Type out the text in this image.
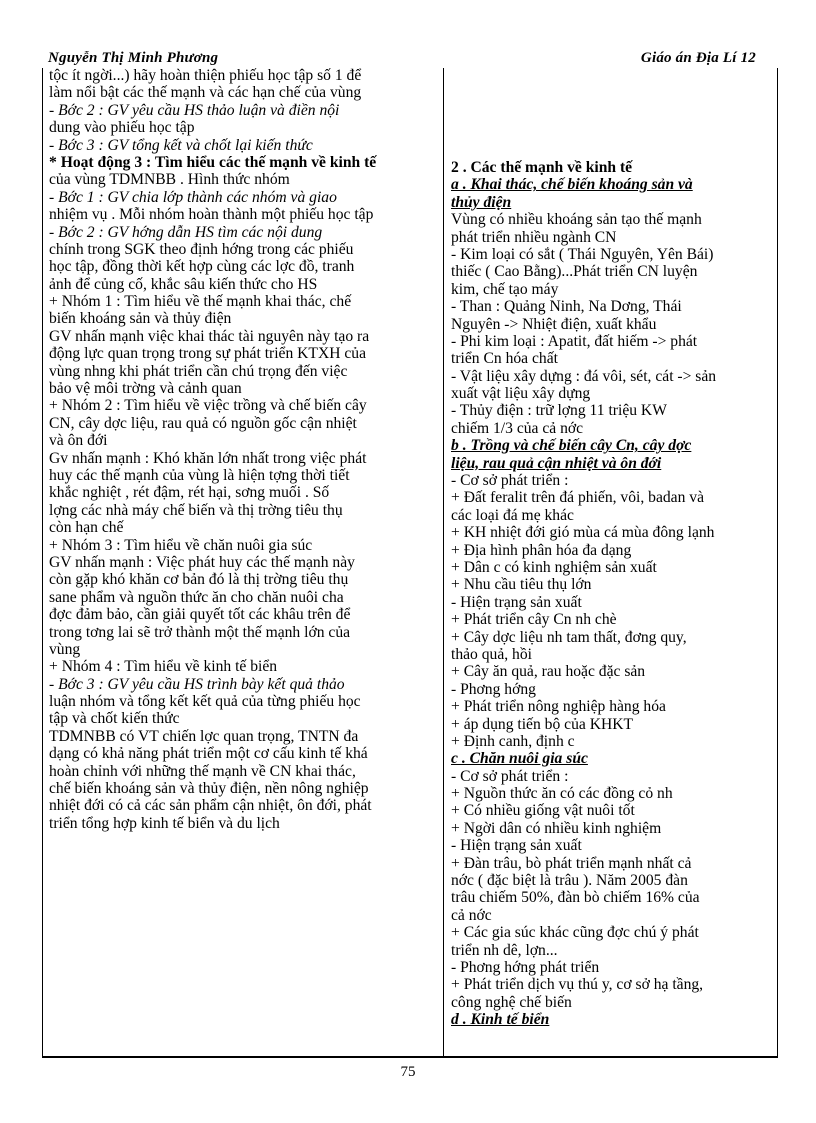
Nguyễn Thị Minh Phương	Giáo án Địa Lí 12
tộc ít ngời...) hãy hoàn thiện phiếu học tập số 1 để
làm nổi bật các thế mạnh và các hạn chế của vùng
- Bớc 2 : GV yêu cầu HS thảo luận và điền nội
dung vào phiếu học tập
- Bớc 3 : GV tổng kết và chốt lại kiến thức
* Hoạt động 3 : Tìm hiểu các thế mạnh về kinh tế
của vùng TDMNBB . Hình thức nhóm
- Bớc 1 : GV chia lớp thành các nhóm và giao
nhiệm vụ . Mỗi nhóm hoàn thành một phiếu học tập
- Bớc 2 : GV hớng dẫn HS tìm các nội dung
chính trong SGK theo định hớng trong các phiếu
học tập, đồng thời kết hợp cùng các lợc đồ, tranh
ảnh để củng cố, khắc sâu kiến thức cho HS
+ Nhóm 1 : Tìm hiểu về thế mạnh khai thác, chế
biến khoáng sản và thủy điện
GV nhấn mạnh việc khai thác tài nguyên này tạo ra
động lực quan trọng trong sự phát triển KTXH của
vùng nhng khi phát triển cần chú trọng đến việc
bảo vệ môi trờng và cảnh quan
+ Nhóm 2 : Tìm hiểu về việc trồng và chế biến cây
CN, cây dợc liệu, rau quả có nguồn gốc cận nhiệt
và ôn đới
Gv nhấn mạnh : Khó khăn lớn nhất trong việc phát
huy các thế mạnh của vùng là hiện tợng thời tiết
khắc nghiệt , rét đậm, rét hại, sơng muối . Số
lợng các nhà máy chế biến và thị trờng tiêu thụ
còn hạn chế
+ Nhóm 3 : Tìm hiểu về chăn nuôi gia súc
GV nhấn mạnh : Việc phát huy các thế mạnh này
còn gặp khó khăn cơ bản đó là thị trờng tiêu thụ
sane phẩm và nguồn thức ăn cho chăn nuôi cha
đợc đảm bảo, cần giải quyết tốt các khâu trên để
trong tơng lai sẽ trở thành một thế mạnh lớn của
vùng
+ Nhóm 4 : Tìm hiểu về kinh tế biển
- Bớc 3 : GV yêu cầu HS trình bày kết quả thảo
luận nhóm và tổng kết kết quả của từng phiếu học
tập và chốt kiến thức
TDMNBB có VT chiến lợc quan trọng, TNTN đa
dạng có khả năng phát triển một cơ cấu kinh tế khá
hoàn chỉnh với những thế mạnh về CN khai thác,
chế biến khoáng sản và thủy điện, nền nông nghiệp
nhiệt đới có cả các sản phẩm cận nhiệt, ôn đới, phát
triển tổng hợp kinh tế biển và du lịch
2 . Các thế mạnh về kinh tế
a . Khai thác, chế biến khoáng sản và
thủy điện
Vùng có nhiều khoáng sản tạo thế mạnh
phát triển nhiều ngành CN
- Kim loại có sắt ( Thái Nguyên, Yên Bái)
thiếc ( Cao Bằng)...Phát triển CN luyện
kim, chế tạo máy
- Than : Quảng Ninh, Na Dơng, Thái
Nguyên -> Nhiệt điện, xuất khẩu
- Phi kim loại : Apatit, đất hiếm -> phát
triển Cn hóa chất
- Vật liệu xây dựng : đá vôi, sét, cát -> sản
xuất vật liệu xây dựng
- Thủy điện : trữ lợng 11 triệu KW
chiếm 1/3 của cả nớc
b . Trồng và chế biến cây Cn, cây dợc
liệu, rau quả cận nhiệt và ôn đới
- Cơ sở phát triển :
+ Đất feralit trên đá phiến, vôi, badan và
các loại đá mẹ khác
+ KH nhiệt đới gió mùa cá mùa đông lạnh
+ Địa hình phân hóa đa dạng
+ Dân c có kinh nghiệm sản xuất
+ Nhu cầu tiêu thụ lớn
- Hiện trạng sản xuất
+ Phát triển cây Cn nh chè
+ Cây dợc liệu nh tam thất, đơng quy,
thảo quả, hồi
+ Cây ăn quả, rau hoặc đặc sản
- Phơng hớng
+ Phát triển nông nghiệp hàng hóa
+ áp dụng tiến bộ của KHKT
+ Định canh, định c
c . Chăn nuôi gia súc
- Cơ sở phát triển :
+ Nguồn thức ăn có các đồng cỏ nh
+ Có nhiều giống vật nuôi tốt
+ Ngời dân có nhiều kinh nghiệm
- Hiện trạng sản xuất
+ Đàn trâu, bò phát triển mạnh nhất cả
nớc ( đặc biệt là trâu ). Năm 2005 đàn
trâu chiếm 50%, đàn bò chiếm 16% của
cả nớc
+ Các gia súc khác cũng đợc chú ý phát
triển nh dê, lợn...
- Phơng hớng phát triển
+ Phát triển dịch vụ thú y, cơ sở hạ tầng,
công nghệ chế biến
d . Kinh tế biển
75
